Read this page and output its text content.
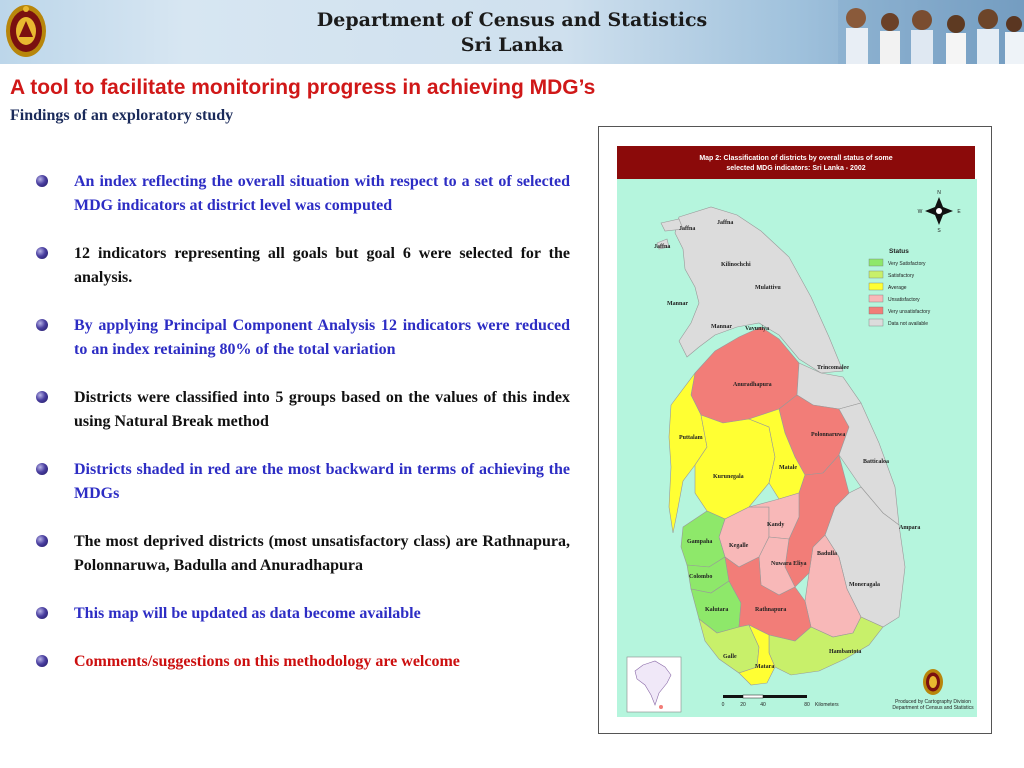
Department of Census and Statistics
Sri Lanka
A tool to facilitate monitoring progress in achieving MDG’s
Findings of an exploratory study
An index reflecting the overall situation with respect to a set of selected MDG indicators at district level was computed
12 indicators representing all goals but goal 6 were selected for the analysis.
By applying Principal Component Analysis 12 indicators were reduced to an index retaining 80% of the total variation
Districts were classified into 5 groups based on the values of this index using Natural Break method
Districts shaded in red are the most backward in terms of achieving the MDGs
The most deprived districts (most unsatisfactory class) are Rathnapura, Polonnaruwa, Badulla and Anuradhapura
This map will be updated as data become available
Comments/suggestions on this methodology are welcome
Map 2: Classification of districts by overall status of some
selected MDG indicators: Sri Lanka - 2002
Jaffna
Jaffna
Jaffna
Kilinochchi
Mulattivu
Mannar
Mannar Vavuniya
Trincomalee
Anuradhapura
Puttalam	Polonnaruwa
Batticaloa
Kurunegala
Matale
Kandy	Ampara
Gampaha
Kegalle
Badulla
Nuwara Eliya
Colombo
Moneragala
Kalutara	Rathnapura
Hambantota
Galle
Matara
N
S
E
W
Status
Very Satisfactory
Satisfactory
Average
Unsatisfactory
Very unsatisfactory
Data not available
0	20	40	80 Kilometers	Produced by Cartography Division
Department of Census and Statistics
